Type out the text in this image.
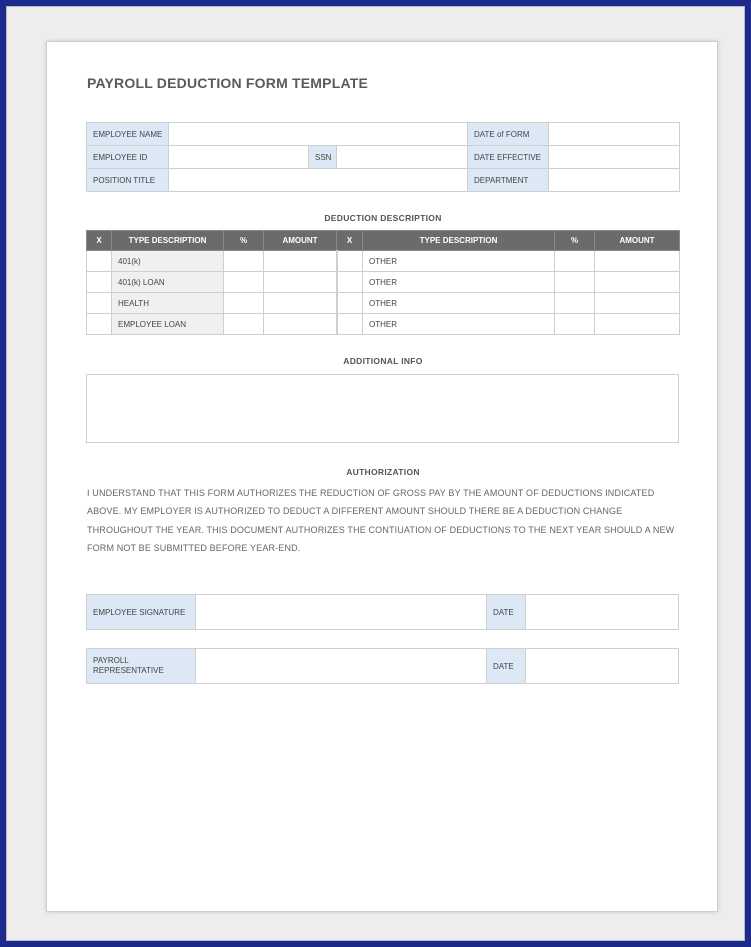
PAYROLL DEDUCTION FORM TEMPLATE
EMPLOYEE NAME				DATE of FORM	
EMPLOYEE ID		SSN		DATE EFFECTIVE	
POSITION TITLE				DEPARTMENT	
DEDUCTION DESCRIPTION
X	TYPE DESCRIPTION	%	AMOUNT	X	TYPE DESCRIPTION	%	AMOUNT
	401(k)				OTHER		
	401(k) LOAN				OTHER		
	HEALTH				OTHER		
	EMPLOYEE LOAN				OTHER		
ADDITIONAL INFO
AUTHORIZATION
I UNDERSTAND THAT THIS FORM AUTHORIZES THE REDUCTION OF GROSS PAY BY THE AMOUNT OF DEDUCTIONS INDICATED ABOVE. MY EMPLOYER IS AUTHORIZED TO DEDUCT A DIFFERENT AMOUNT SHOULD THERE BE A DEDUCTION CHANGE THROUGHOUT THE YEAR. THIS DOCUMENT AUTHORIZES THE CONTIUATION OF DEDUCTIONS TO THE NEXT YEAR SHOULD A NEW FORM NOT BE SUBMITTED BEFORE YEAR-END.
EMPLOYEE SIGNATURE		DATE	
PAYROLL
REPRESENTATIVE		DATE	
